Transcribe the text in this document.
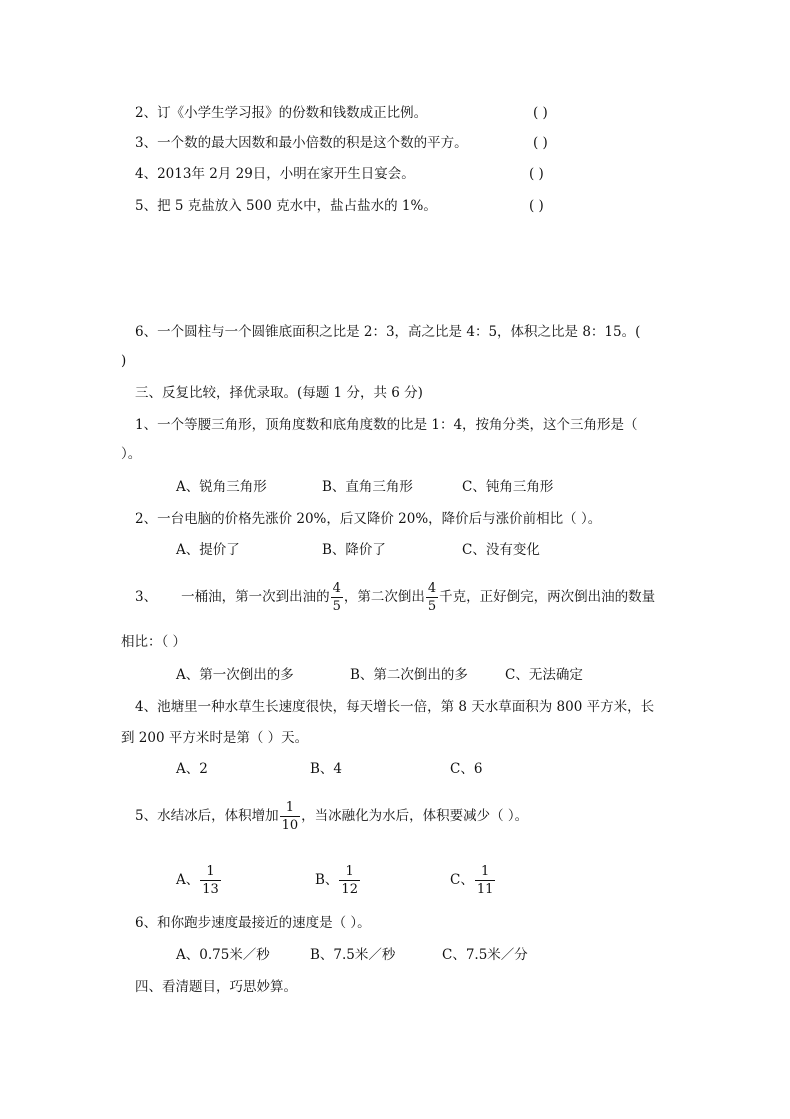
2、订《小学生学习报》的份数和钱数成正比例。	( )
3、一个数的最大因数和最小倍数的积是这个数的平方。	( )
4、2013年 2月 29日，小明在家开生日宴会。	( )
5、把 5 克盐放入 500 克水中，盐占盐水的 1%。	( )
6、一个圆柱与一个圆锥底面积之比是 2：3，高之比是 4：5，体积之比是 8：15。(
)
三、反复比较，择优录取。(每题 1 分，共 6 分)
1、一个等腰三角形，顶角度数和底角度数的比是 1：4，按角分类，这个三角形是（
）。
A、锐角三角形	B、直角三角形	C、钝角三角形
2、一台电脑的价格先涨价 20%，后又降价 20%，降价后与涨价前相比（ ）。
A、提价了	B、降价了	C、没有变化
3、 一桶油，第一次到出油的 $\frac{4}{5}$ ，第二次倒出 $\frac{4}{5}$ 千克，正好倒完，两次倒出油的数量
相比：（ ）
A、第一次倒出的多	B、第二次倒出的多	C、无法确定
4、池塘里一种水草生长速度很快，每天增长一倍，第 8 天水草面积为 800 平方米，长
到 200 平方米时是第（ ）天。
A、2	B、4	C、6
5、水结冰后，体积增加 $\frac{1}{10}$ ，当冰融化为水后，体积要减少（ ）。
A、 $\frac{1}{13}$	B、 $\frac{1}{12}$	C、 $\frac{1}{11}$
6、和你跑步速度最接近的速度是（ ）。
A、0.75米／秒	B、7.5米／秒	C、7.5米／分
四、看清题目，巧思妙算。
